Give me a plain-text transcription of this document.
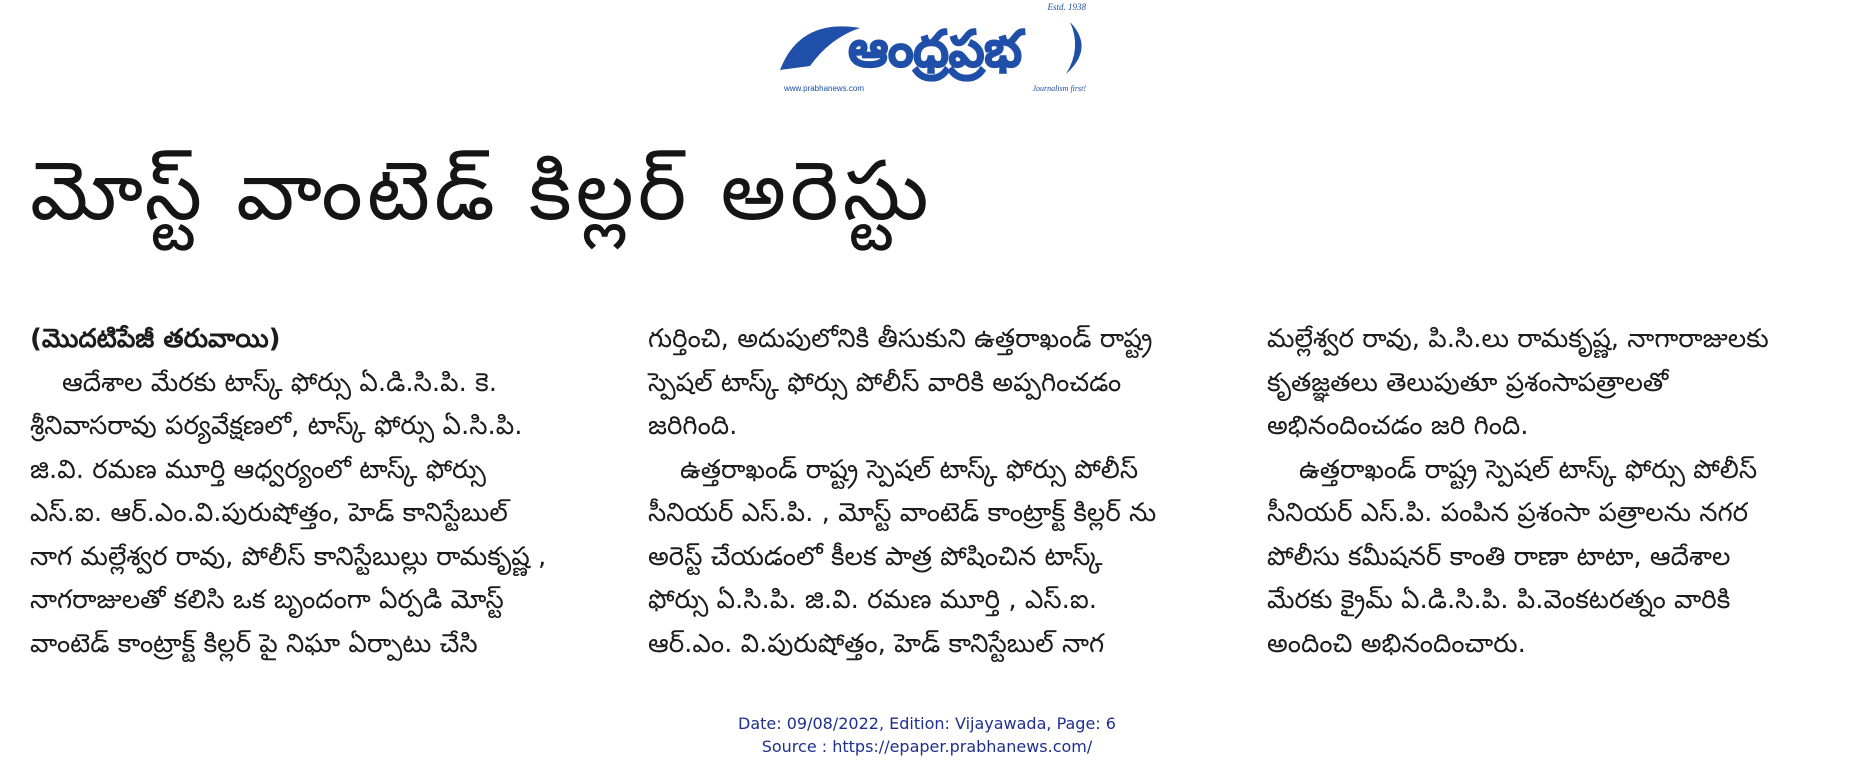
Estd. 1938
ఆంధ్రప్రభ
www.prabhanews.com	Journalism first!
మోస్ట్ వాంటెడ్ కిల్లర్ అరెస్టు

(మొదటిపేజీ తరువాయి)

ఆదేశాల మేరకు టాస్క్ ఫోర్సు ఏ.డి.సి.పి. కె.

శ్రీనివాసరావు పర్యవేక్షణలో, టాస్క్ ఫోర్సు ఏ.సి.పి.

జి.వి. రమణ మూర్తి ఆధ్వర్యంలో టాస్క్ ఫోర్సు

ఎస్.ఐ. ఆర్.ఎం.వి.పురుషోత్తం, హెడ్ కానిస్టేబుల్

నాగ మల్లేశ్వర రావు, పోలీస్ కానిస్టేబుల్లు రామకృష్ణ ,

నాగరాజులతో కలిసి ఒక బృందంగా ఏర్పడి మోస్ట్

వాంటెడ్ కాంట్రాక్ట్ కిల్లర్ పై నిఘా ఏర్పాటు చేసి

గుర్తించి, అదుపులోనికి తీసుకుని ఉత్తరాఖండ్ రాష్ట్ర

స్పెషల్ టాస్క్ ఫోర్సు పోలీస్ వారికి అప్పగించడం

జరిగింది.

ఉత్తరాఖండ్ రాష్ట్ర స్పెషల్ టాస్క్ ఫోర్సు పోలీస్

సీనియర్ ఎస్.పి. , మోస్ట్ వాంటెడ్ కాంట్రాక్ట్ కిల్లర్ ను

అరెస్ట్ చేయడంలో కీలక పాత్ర పోషించిన టాస్క్

ఫోర్సు ఏ.సి.పి. జి.వి. రమణ మూర్తి , ఎస్.ఐ.

ఆర్.ఎం. వి.పురుషోత్తం, హెడ్ కానిస్టేబుల్ నాగ

మల్లేశ్వర రావు, పి.సి.లు రామకృష్ణ, నాగారాజులకు

కృతజ్ఞతలు తెలుపుతూ ప్రశంసాపత్రాలతో

అభినందించడం జరి గింది.

ఉత్తరాఖండ్ రాష్ట్ర స్పెషల్ టాస్క్ ఫోర్సు పోలీస్

సీనియర్ ఎస్.పి. పంపిన ప్రశంసా పత్రాలను నగర

పోలీసు కమీషనర్ కాంతి రాణా టాటా, ఆదేశాల

మేరకు క్రైమ్ ఏ.డి.సి.పి. పి.వెంకటరత్నం వారికి

అందించి అభినందించారు.

Date: 09/08/2022, Edition: Vijayawada, Page: 6
Source : https://epaper.prabhanews.com/
